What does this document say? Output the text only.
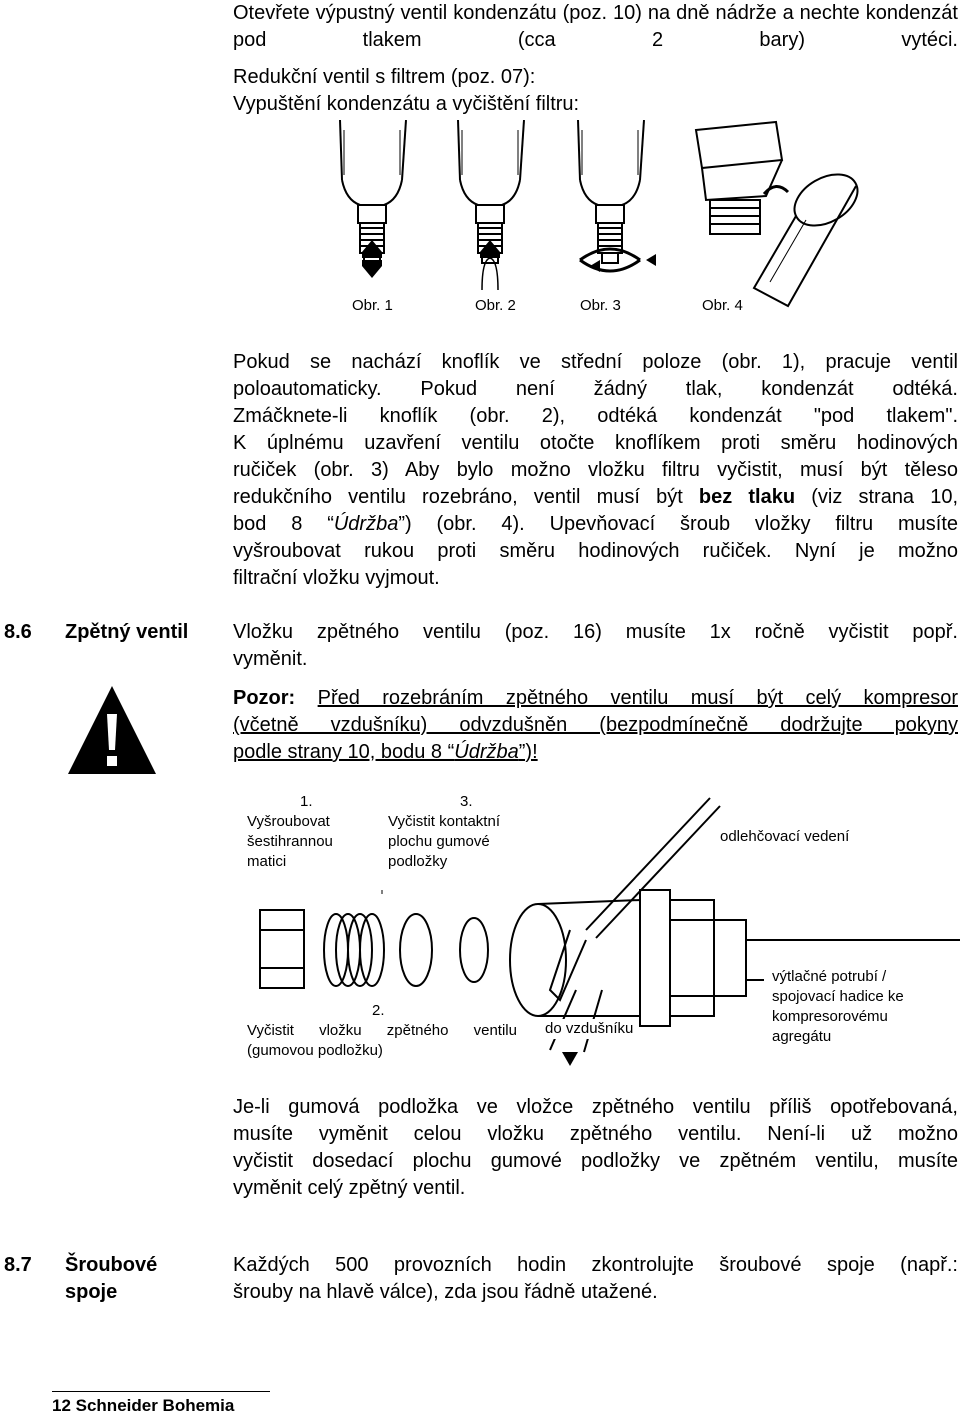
Otevřete výpustný ventil kondenzátu (poz. 10) na dně nádrže a nechte kondenzát pod tlakem (cca 2 bary) vytéci.
Redukční ventil s filtrem (poz. 07):
Vypuštění kondenzátu a vyčištění filtru:
Obr. 1	Obr. 2	Obr. 3	Obr. 4
Pokud se nachází knoflík ve střední poloze (obr. 1), pracuje ventil
poloautomaticky. Pokud není žádný tlak, kondenzát odtéká.
Zmáčknete-li knoflík (obr. 2), odtéká kondenzát "pod tlakem".
K úplnému uzavření ventilu otočte knoflíkem proti směru hodinových
ručiček (obr. 3) Aby bylo možno vložku filtru vyčistit, musí být těleso
redukčního ventilu rozebráno, ventil musí být bez tlaku (viz strana 10,
bod 8 “Údržba”) (obr. 4). Upevňovací šroub vložky filtru musíte
vyšroubovat rukou proti směru hodinových ručiček. Nyní je možno
filtrační vložku vyjmout.
8.6 Zpětný ventil Vložku zpětného ventilu (poz. 16) musíte 1x ročně vyčistit popř.
vyměnit.
Pozor: Před rozebráním zpětného ventilu musí být celý kompresor
(včetně vzdušníku) odvzdušněn (bezpodmínečně dodržujte pokyny
podle strany 10, bodu 8 “Údržba”)!
1.
Vyšroubovat
šestihrannou
matici
3.
Vyčistit kontaktní
plochu gumové
podložky
odlehčovací vedení
2.
Vyčistit vložku zpětného ventilu
(gumovou podložku)
do vzdušníku
výtlačné potrubí /
spojovací hadice ke
kompresorovému
agregátu
Je-li gumová podložka ve vložce zpětného ventilu příliš opotřebovaná,
musíte vyměnit celou vložku zpětného ventilu. Není-li už možno
vyčistit dosedací plochu gumové podložky ve zpětném ventilu, musíte
vyměnit celý zpětný ventil.
8.7 Šroubové
spoje
Každých 500 provozních hodin zkontrolujte šroubové spoje (např.:
šrouby na hlavě válce), zda jsou řádně utažené.
12 Schneider Bohemia
